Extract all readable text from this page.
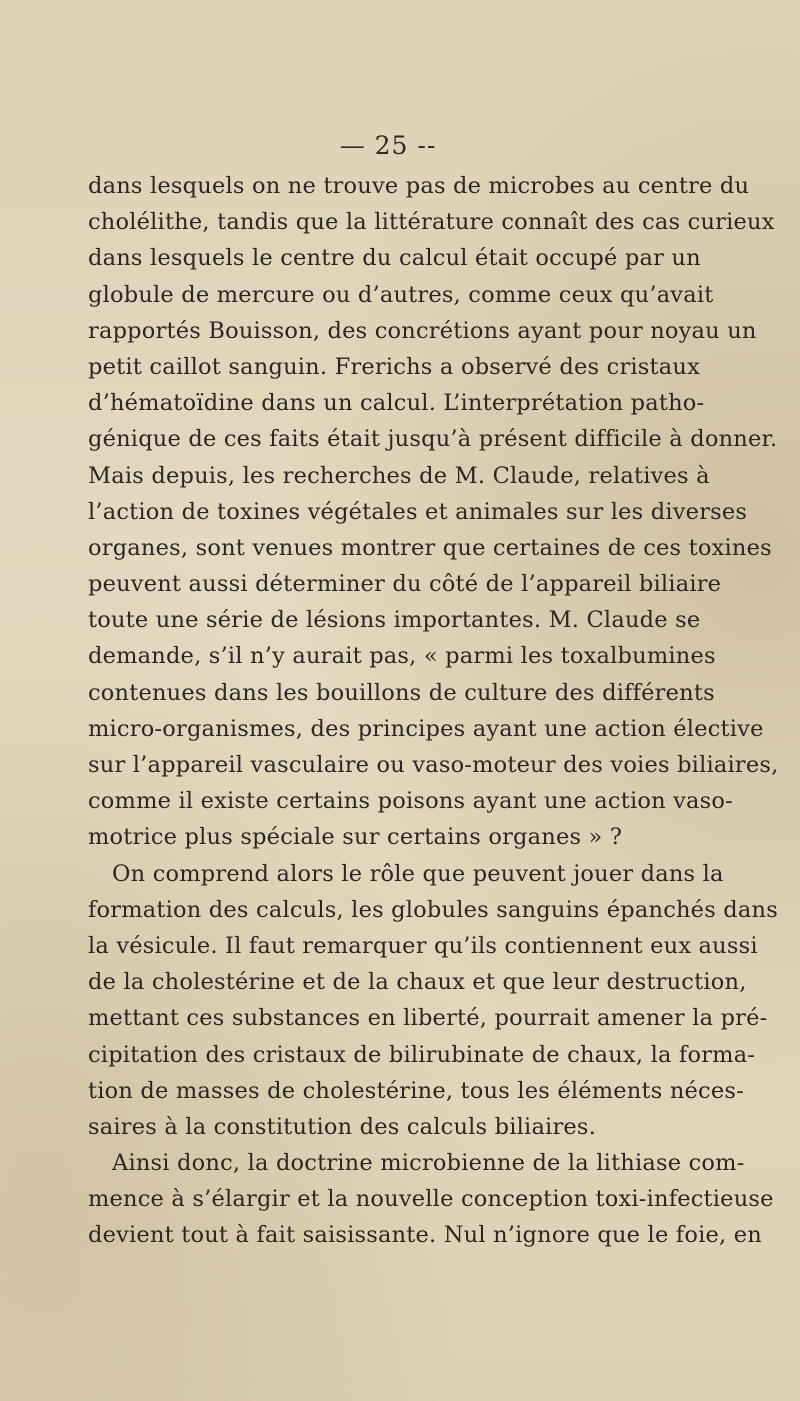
— 25 --
dans lesquels on ne trouve pas de microbes au centre du
cholélithe, tandis que la littérature connaît des cas curieux
dans lesquels le centre du calcul était occupé par un
globule de mercure ou d’autres, comme ceux qu’avait
rapportés Bouisson, des concrétions ayant pour noyau un
petit caillot sanguin. Frerichs a observé des cristaux
d’hématoïdine dans un calcul. L’interprétation patho-
génique de ces faits était jusqu’à présent difficile à donner.
Mais depuis, les recherches de M. Claude, relatives à
l’action de toxines végétales et animales sur les diverses
organes, sont venues montrer que certaines de ces toxines
peuvent aussi déterminer du côté de l’appareil biliaire
toute une série de lésions importantes. M. Claude se
demande, s’il n’y aurait pas, « parmi les toxalbumines
contenues dans les bouillons de culture des différents
micro-organismes, des principes ayant une action élective
sur l’appareil vasculaire ou vaso-moteur des voies biliaires,
comme il existe certains poisons ayant une action vaso-
motrice plus spéciale sur certains organes » ?
On comprend alors le rôle que peuvent jouer dans la
formation des calculs, les globules sanguins épanchés dans
la vésicule. Il faut remarquer qu’ils contiennent eux aussi
de la cholestérine et de la chaux et que leur destruction,
mettant ces substances en liberté, pourrait amener la pré-
cipitation des cristaux de bilirubinate de chaux, la forma-
tion de masses de cholestérine, tous les éléments néces-
saires à la constitution des calculs biliaires.
Ainsi donc, la doctrine microbienne de la lithiase com-
mence à s’élargir et la nouvelle conception toxi-infectieuse
devient tout à fait saisissante. Nul n’ignore que le foie, en
